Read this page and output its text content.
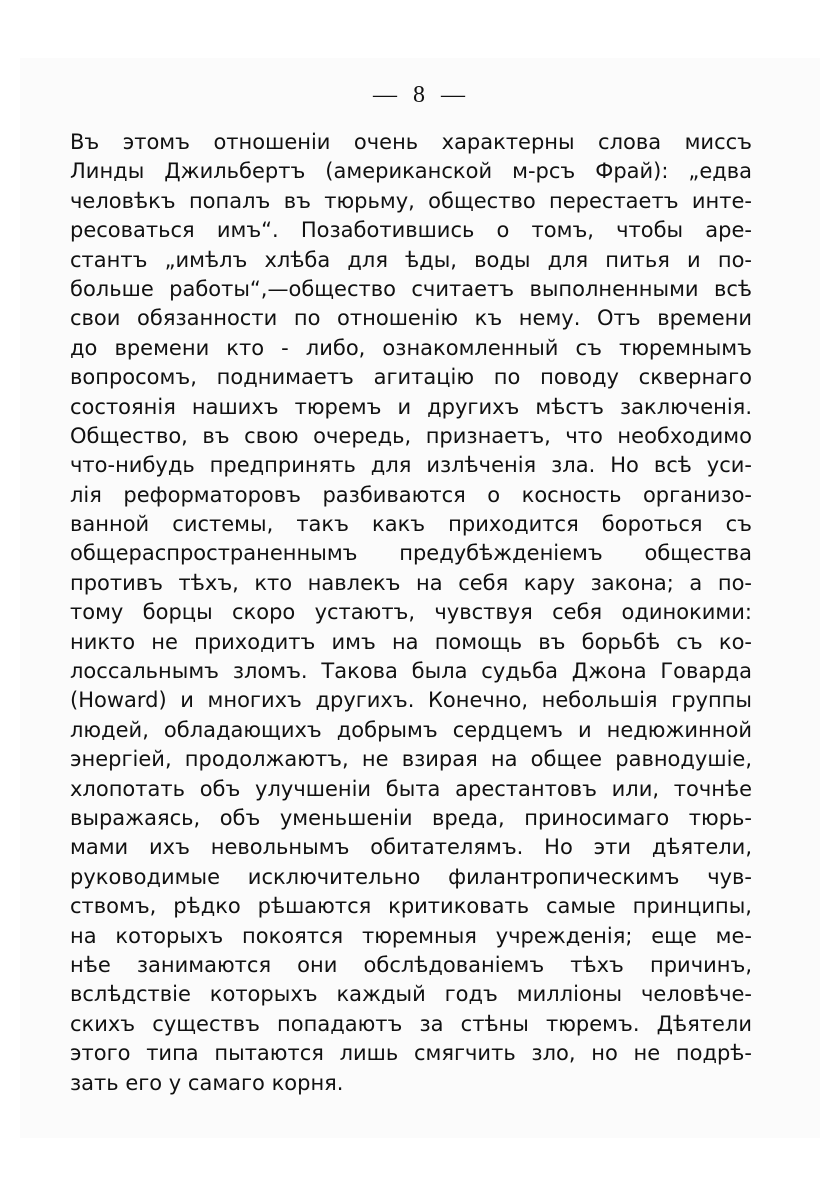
— 8 —
Въ этомъ отношеніи очень характерны слова миссъ
Линды Джильбертъ (американской м-рсъ Фрай): „едва
человѣкъ попалъ въ тюрьму, общество перестаетъ инте-
ресоваться имъ“. Позаботившись о томъ, чтобы аре-
стантъ „имѣлъ хлѣба для ѣды, воды для питья и по-
больше работы“,—общество считаетъ выполненными всѣ
свои обязанности по отношенію къ нему. Отъ времени
до времени кто - либо, ознакомленный съ тюремнымъ
вопросомъ, поднимаетъ агитацію по поводу сквернаго
состоянія нашихъ тюремъ и другихъ мѣстъ заключенія.
Общество, въ свою очередь, признаетъ, что необходимо
что-нибудь предпринять для излѣченія зла. Но всѣ уси-
лія реформаторовъ разбиваются о косность организо-
ванной системы, такъ какъ приходится бороться съ
общераспространеннымъ предубѣжденіемъ общества
противъ тѣхъ, кто навлекъ на себя кару закона; а по-
тому борцы скоро устаютъ, чувствуя себя одинокими:
никто не приходитъ имъ на помощь въ борьбѣ съ ко-
лоссальнымъ зломъ. Такова была судьба Джона Говарда
(Howard) и многихъ другихъ. Конечно, небольшія группы
людей, обладающихъ добрымъ сердцемъ и недюжинной
энергіей, продолжаютъ, не взирая на общее равнодушіе,
хлопотать объ улучшеніи быта арестантовъ или, точнѣе
выражаясь, объ уменьшеніи вреда, приносимаго тюрь-
мами ихъ невольнымъ обитателямъ. Но эти дѣятели,
руководимые исключительно филантропическимъ чув-
ствомъ, рѣдко рѣшаются критиковать самые принципы,
на которыхъ покоятся тюремныя учрежденія; еще ме-
нѣе занимаются они обслѣдованіемъ тѣхъ причинъ,
вслѣдствіе которыхъ каждый годъ милліоны человѣче-
скихъ существъ попадаютъ за стѣны тюремъ. Дѣятели
этого типа пытаются лишь смягчить зло, но не подрѣ-
зать его у самаго корня.
